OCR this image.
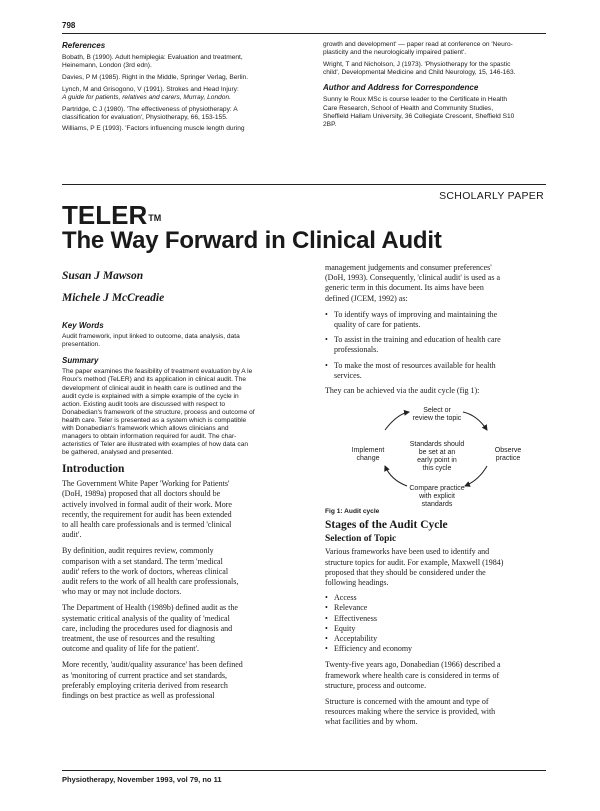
798
References

Bobath, B (1990). Adult hemiplegia: Evaluation and treatment,

Heinemann, London (3rd edn).

Davies, P M (1985). Right in the Middle, Springer Verlag, Berlin.

Lynch, M and Grisogono, V (1991). Strokes and Head Injury:

A guide for patients, relatives and carers, Murray, London.

Partridge, C J (1980). 'The effectiveness of physiotherapy: A

classification for evaluation', Physiotherapy, 66, 153-155.

Williams, P E (1993). 'Factors influencing muscle length during

growth and development' — paper read at conference on 'Neuro-

plasticity and the neurologically impaired patient'.

Wright, T and Nicholson, J (1973). 'Physiotherapy for the spastic

child', Developmental Medicine and Child Neurology, 15, 146-163.

Author and Address for Correspondence

Sunny le Roux MSc is course leader to the Certificate in Health

Care Research, School of Health and Community Studies,

Sheffield Hallam University, 36 Collegiate Crescent, Sheffield S10

2BP.

SCHOLARLY PAPER
TELER™
The Way Forward in Clinical Audit
Susan J Mawson
Michele J McCreadie
Key Words
Audit framework, input linked to outcome, data analysis, data
presentation.
Summary
The paper examines the feasibility of treatment evaluation by A le
Roux's method (TeLER) and its application in clinical audit. The
development of clinical audit in health care is outlined and the
audit cycle is explained with a simple example of the cycle in
action. Existing audit tools are discussed with respect to
Donabedian's framework of the structure, process and outcome of
health care. Teler is presented as a system which is compatible
with Donabedian's framework which allows clinicians and
managers to obtain information required for audit. The char-
acteristics of Teler are illustrated with examples of how data can
be gathered, analysed and presented.
Introduction

The Government White Paper 'Working for Patients'
(DoH, 1989a) proposed that all doctors should be
actively involved in formal audit of their work. More
recently, the requirement for audit has been extended
to all health care professionals and is termed 'clinical
audit'.

By definition, audit requires review, commonly
comparison with a set standard. The term 'medical
audit' refers to the work of doctors, whereas clinical
audit refers to the work of all health care professionals,
who may or may not include doctors.

The Department of Health (1989b) defined audit as the
systematic critical analysis of the quality of 'medical
care, including the procedures used for diagnosis and
treatment, the use of resources and the resulting
outcome and quality of life for the patient'.

More recently, 'audit/quality assurance' has been defined
as 'monitoring of current practice and set standards,
preferably employing criteria derived from research
findings on best practice as well as professional

management judgements and consumer preferences'
(DoH, 1993). Consequently, 'clinical audit' is used as a
generic term in this document. Its aims have been
defined (JCEM, 1992) as:
• To identify ways of improving and maintaining the
quality of care for patients.
• To assist in the training and education of health care
professionals.
• To make the most of resources available for health
services.
They can be achieved via the audit cycle (fig 1):
Select or
review the topic
Standards should
be set at an
early point in
this cycle
Implement
change
Observe
practice
Compare practice
with explicit
standards
Fig 1: Audit cycle
Stages of the Audit Cycle
Selection of Topic
Various frameworks have been used to identify and
structure topics for audit. For example, Maxwell (1984)
proposed that they should be considered under the
following headings.
• Access
• Relevance
• Effectiveness
• Equity
• Acceptability
• Efficiency and economy
Twenty-five years ago, Donabedian (1966) described a
framework where health care is considered in terms of
structure, process and outcome.
Structure is concerned with the amount and type of
resources making where the service is provided, with
what facilities and by whom.
Physiotherapy, November 1993, vol 79, no 11
